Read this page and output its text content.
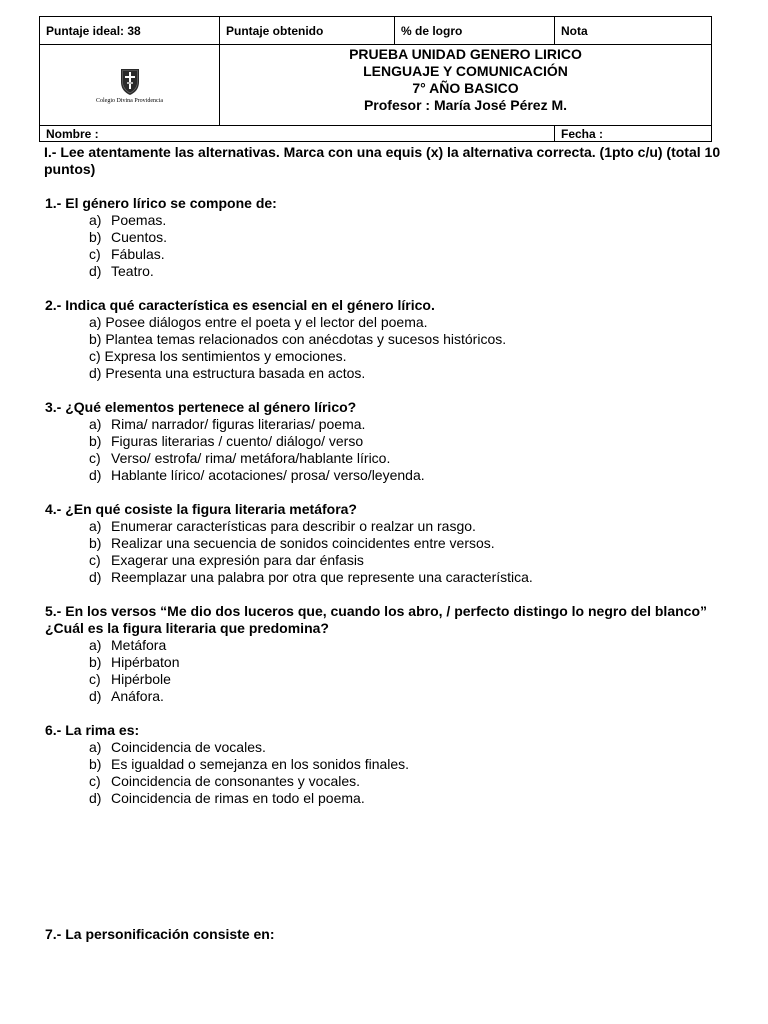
Puntaje ideal: 38	Puntaje obtenido	% de logro	Nota

Colegio Divina Providencia	PRUEBA UNIDAD GENERO LIRICO
LENGUAJE Y COMUNICACIÓN
7° AÑO BASICO
Profesor : María José Pérez M.		

Nombre :			Fecha :
I.- Lee atentamente las alternativas. Marca con una equis (x) la alternativa correcta. (1pto c/u) (total 10 puntos)
1.- El género lírico se compone de:
a) Poemas.
b) Cuentos.
c) Fábulas.
d) Teatro.
2.- Indica qué característica es esencial en el género lírico.
a) Posee diálogos entre el poeta y el lector del poema.
b) Plantea temas relacionados con anécdotas y sucesos históricos.
c) Expresa los sentimientos y emociones.
d) Presenta una estructura basada en actos.
3.- ¿Qué elementos pertenece al género lírico?
a) Rima/ narrador/ figuras literarias/ poema.
b) Figuras literarias / cuento/ diálogo/ verso
c) Verso/ estrofa/ rima/ metáfora/hablante lírico.
d) Hablante lírico/ acotaciones/ prosa/ verso/leyenda.
4.- ¿En qué cosiste la figura literaria metáfora?
a) Enumerar características para describir o realzar un rasgo.
b) Realizar una secuencia de sonidos coincidentes entre versos.
c) Exagerar una expresión para dar énfasis
d) Reemplazar una palabra por otra que represente una característica.
5.- En los versos “Me dio dos luceros que, cuando los abro, / perfecto distingo lo negro del blanco” ¿Cuál es la figura literaria que predomina?
a) Metáfora
b) Hipérbaton
c) Hipérbole
d) Anáfora.
6.- La rima es:
a) Coincidencia de vocales.
b) Es igualdad o semejanza en los sonidos finales.
c) Coincidencia de consonantes y vocales.
d) Coincidencia de rimas en todo el poema.
7.- La personificación consiste en:
